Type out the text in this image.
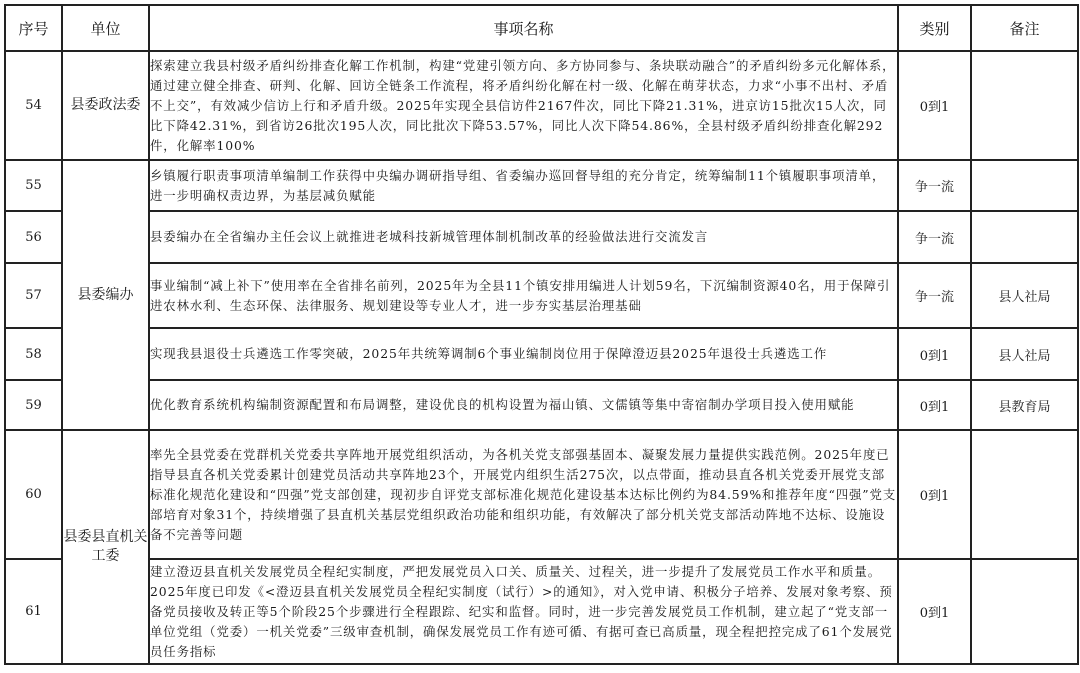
序号	单位	事项名称	类别	备注
54	县委政法委	探索建立我县村级矛盾纠纷排查化解工作机制，构建“党建引领方向、多方协同参与、条块联动融合”的矛盾纠纷多元化解体系，通过建立健全排查、研判、化解、回访全链条工作流程，将矛盾纠纷化解在村一级、化解在萌芽状态，力求“小事不出村、矛盾不上交”，有效减少信访上行和矛盾升级。2025年实现全县信访件2167件次，同比下降21.31%，进京访15批次15人次，同比下降42.31%，到省访26批次195人次，同比批次下降53.57%，同比人次下降54.86%，全县村级矛盾纠纷排查化解292件，化解率100%	0到1	
55	县委编办	乡镇履行职责事项清单编制工作获得中央编办调研指导组、省委编办巡回督导组的充分肯定，统筹编制11个镇履职事项清单，进一步明确权责边界，为基层减负赋能	争一流	
56		县委编办在全省编办主任会议上就推进老城科技新城管理体制机制改革的经验做法进行交流发言	争一流	
57		事业编制“减上补下”使用率在全省排名前列，2025年为全县11个镇安排用编进人计划59名，下沉编制资源40名，用于保障引进农林水利、生态环保、法律服务、规划建设等专业人才，进一步夯实基层治理基础	争一流	县人社局
58		实现我县退役士兵遴选工作零突破，2025年共统筹调制6个事业编制岗位用于保障澄迈县2025年退役士兵遴选工作	0到1	县人社局
59		优化教育系统机构编制资源配置和布局调整，建设优良的机构设置为福山镇、文儒镇等集中寄宿制办学项目投入使用赋能	0到1	县教育局
60	县委县直机关工委	率先全县党委在党群机关党委共享阵地开展党组织活动，为各机关党支部强基固本、凝聚发展力量提供实践范例。2025年度已指导县直各机关党委累计创建党员活动共享阵地23个，开展党内组织生活275次，以点带面，推动县直各机关党委开展党支部标准化规范化建设和“四强”党支部创建，现初步自评党支部标准化规范化建设基本达标比例约为84.59%和推荐年度“四强”党支部培育对象31个，持续增强了县直机关基层党组织政治功能和组织功能，有效解决了部分机关党支部活动阵地不达标、设施设备不完善等问题	0到1	
61		建立澄迈县直机关发展党员全程纪实制度，严把发展党员入口关、质量关、过程关，进一步提升了发展党员工作水平和质量。2025年度已印发《<澄迈县直机关发展党员全程纪实制度（试行）>的通知》，对入党申请、积极分子培养、发展对象考察、预备党员接收及转正等5个阶段25个步骤进行全程跟踪、纪实和监督。同时，进一步完善发展党员工作机制，建立起了“党支部一单位党组（党委）一机关党委”三级审查机制，确保发展党员工作有迹可循、有据可查已高质量，现全程把控完成了61个发展党员任务指标	0到1	
